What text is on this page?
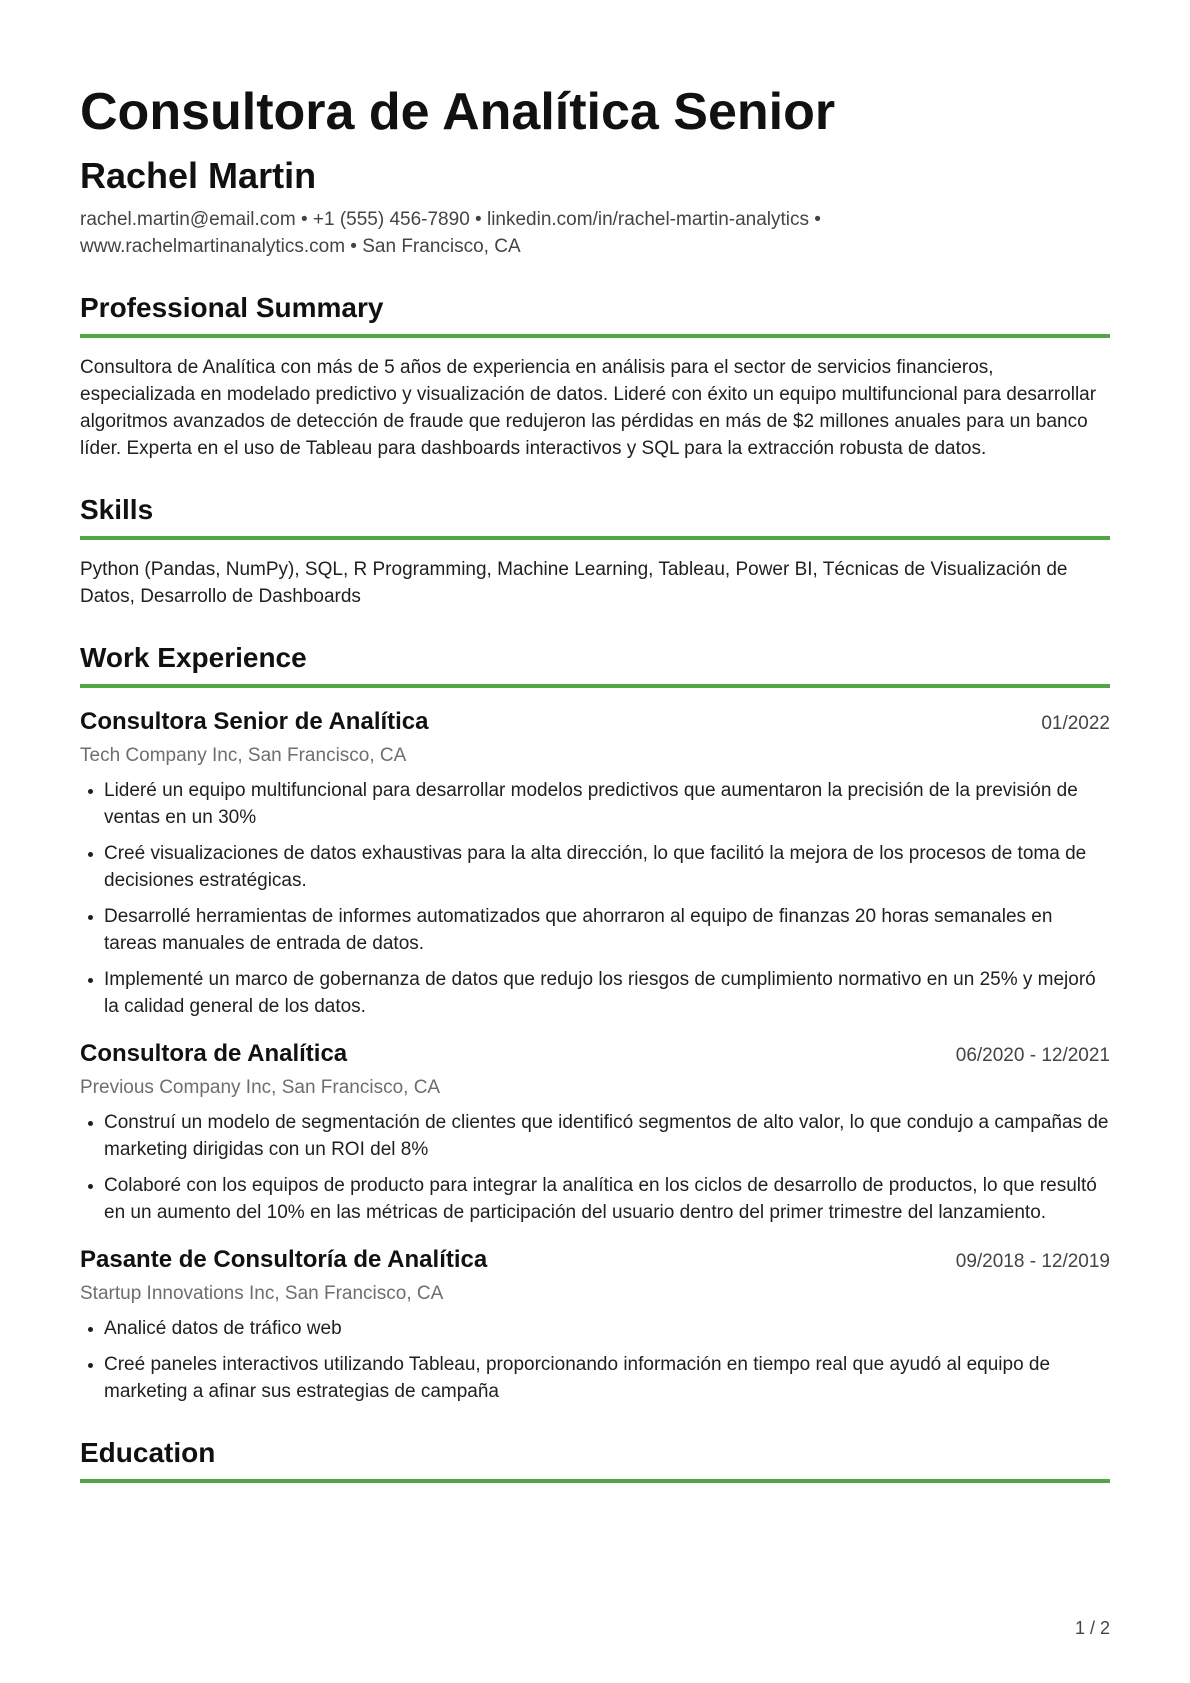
Consultora de Analítica Senior
Rachel Martin
rachel.martin@email.com • +1 (555) 456-7890 • linkedin.com/in/rachel-martin-analytics •
www.rachelmartinanalytics.com • San Francisco, CA
Professional Summary
Consultora de Analítica con más de 5 años de experiencia en análisis para el sector de servicios financieros, especializada en modelado predictivo y visualización de datos. Lideré con éxito un equipo multifuncional para desarrollar algoritmos avanzados de detección de fraude que redujeron las pérdidas en más de $2 millones anuales para un banco líder. Experta en el uso de Tableau para dashboards interactivos y SQL para la extracción robusta de datos.
Skills
Python (Pandas, NumPy), SQL, R Programming, Machine Learning, Tableau, Power BI, Técnicas de Visualización de Datos, Desarrollo de Dashboards
Work Experience
Consultora Senior de Analítica	01/2022
Tech Company Inc, San Francisco, CA
Lideré un equipo multifuncional para desarrollar modelos predictivos que aumentaron la precisión de la previsión de ventas en un 30%
Creé visualizaciones de datos exhaustivas para la alta dirección, lo que facilitó la mejora de los procesos de toma de decisiones estratégicas.
Desarrollé herramientas de informes automatizados que ahorraron al equipo de finanzas 20 horas semanales en tareas manuales de entrada de datos.
Implementé un marco de gobernanza de datos que redujo los riesgos de cumplimiento normativo en un 25% y mejoró la calidad general de los datos.
Consultora de Analítica	06/2020 - 12/2021
Previous Company Inc, San Francisco, CA
Construí un modelo de segmentación de clientes que identificó segmentos de alto valor, lo que condujo a campañas de marketing dirigidas con un ROI del 8%
Colaboré con los equipos de producto para integrar la analítica en los ciclos de desarrollo de productos, lo que resultó en un aumento del 10% en las métricas de participación del usuario dentro del primer trimestre del lanzamiento.
Pasante de Consultoría de Analítica	09/2018 - 12/2019
Startup Innovations Inc, San Francisco, CA
Analicé datos de tráfico web
Creé paneles interactivos utilizando Tableau, proporcionando información en tiempo real que ayudó al equipo de marketing a afinar sus estrategias de campaña
Education
1 / 2
